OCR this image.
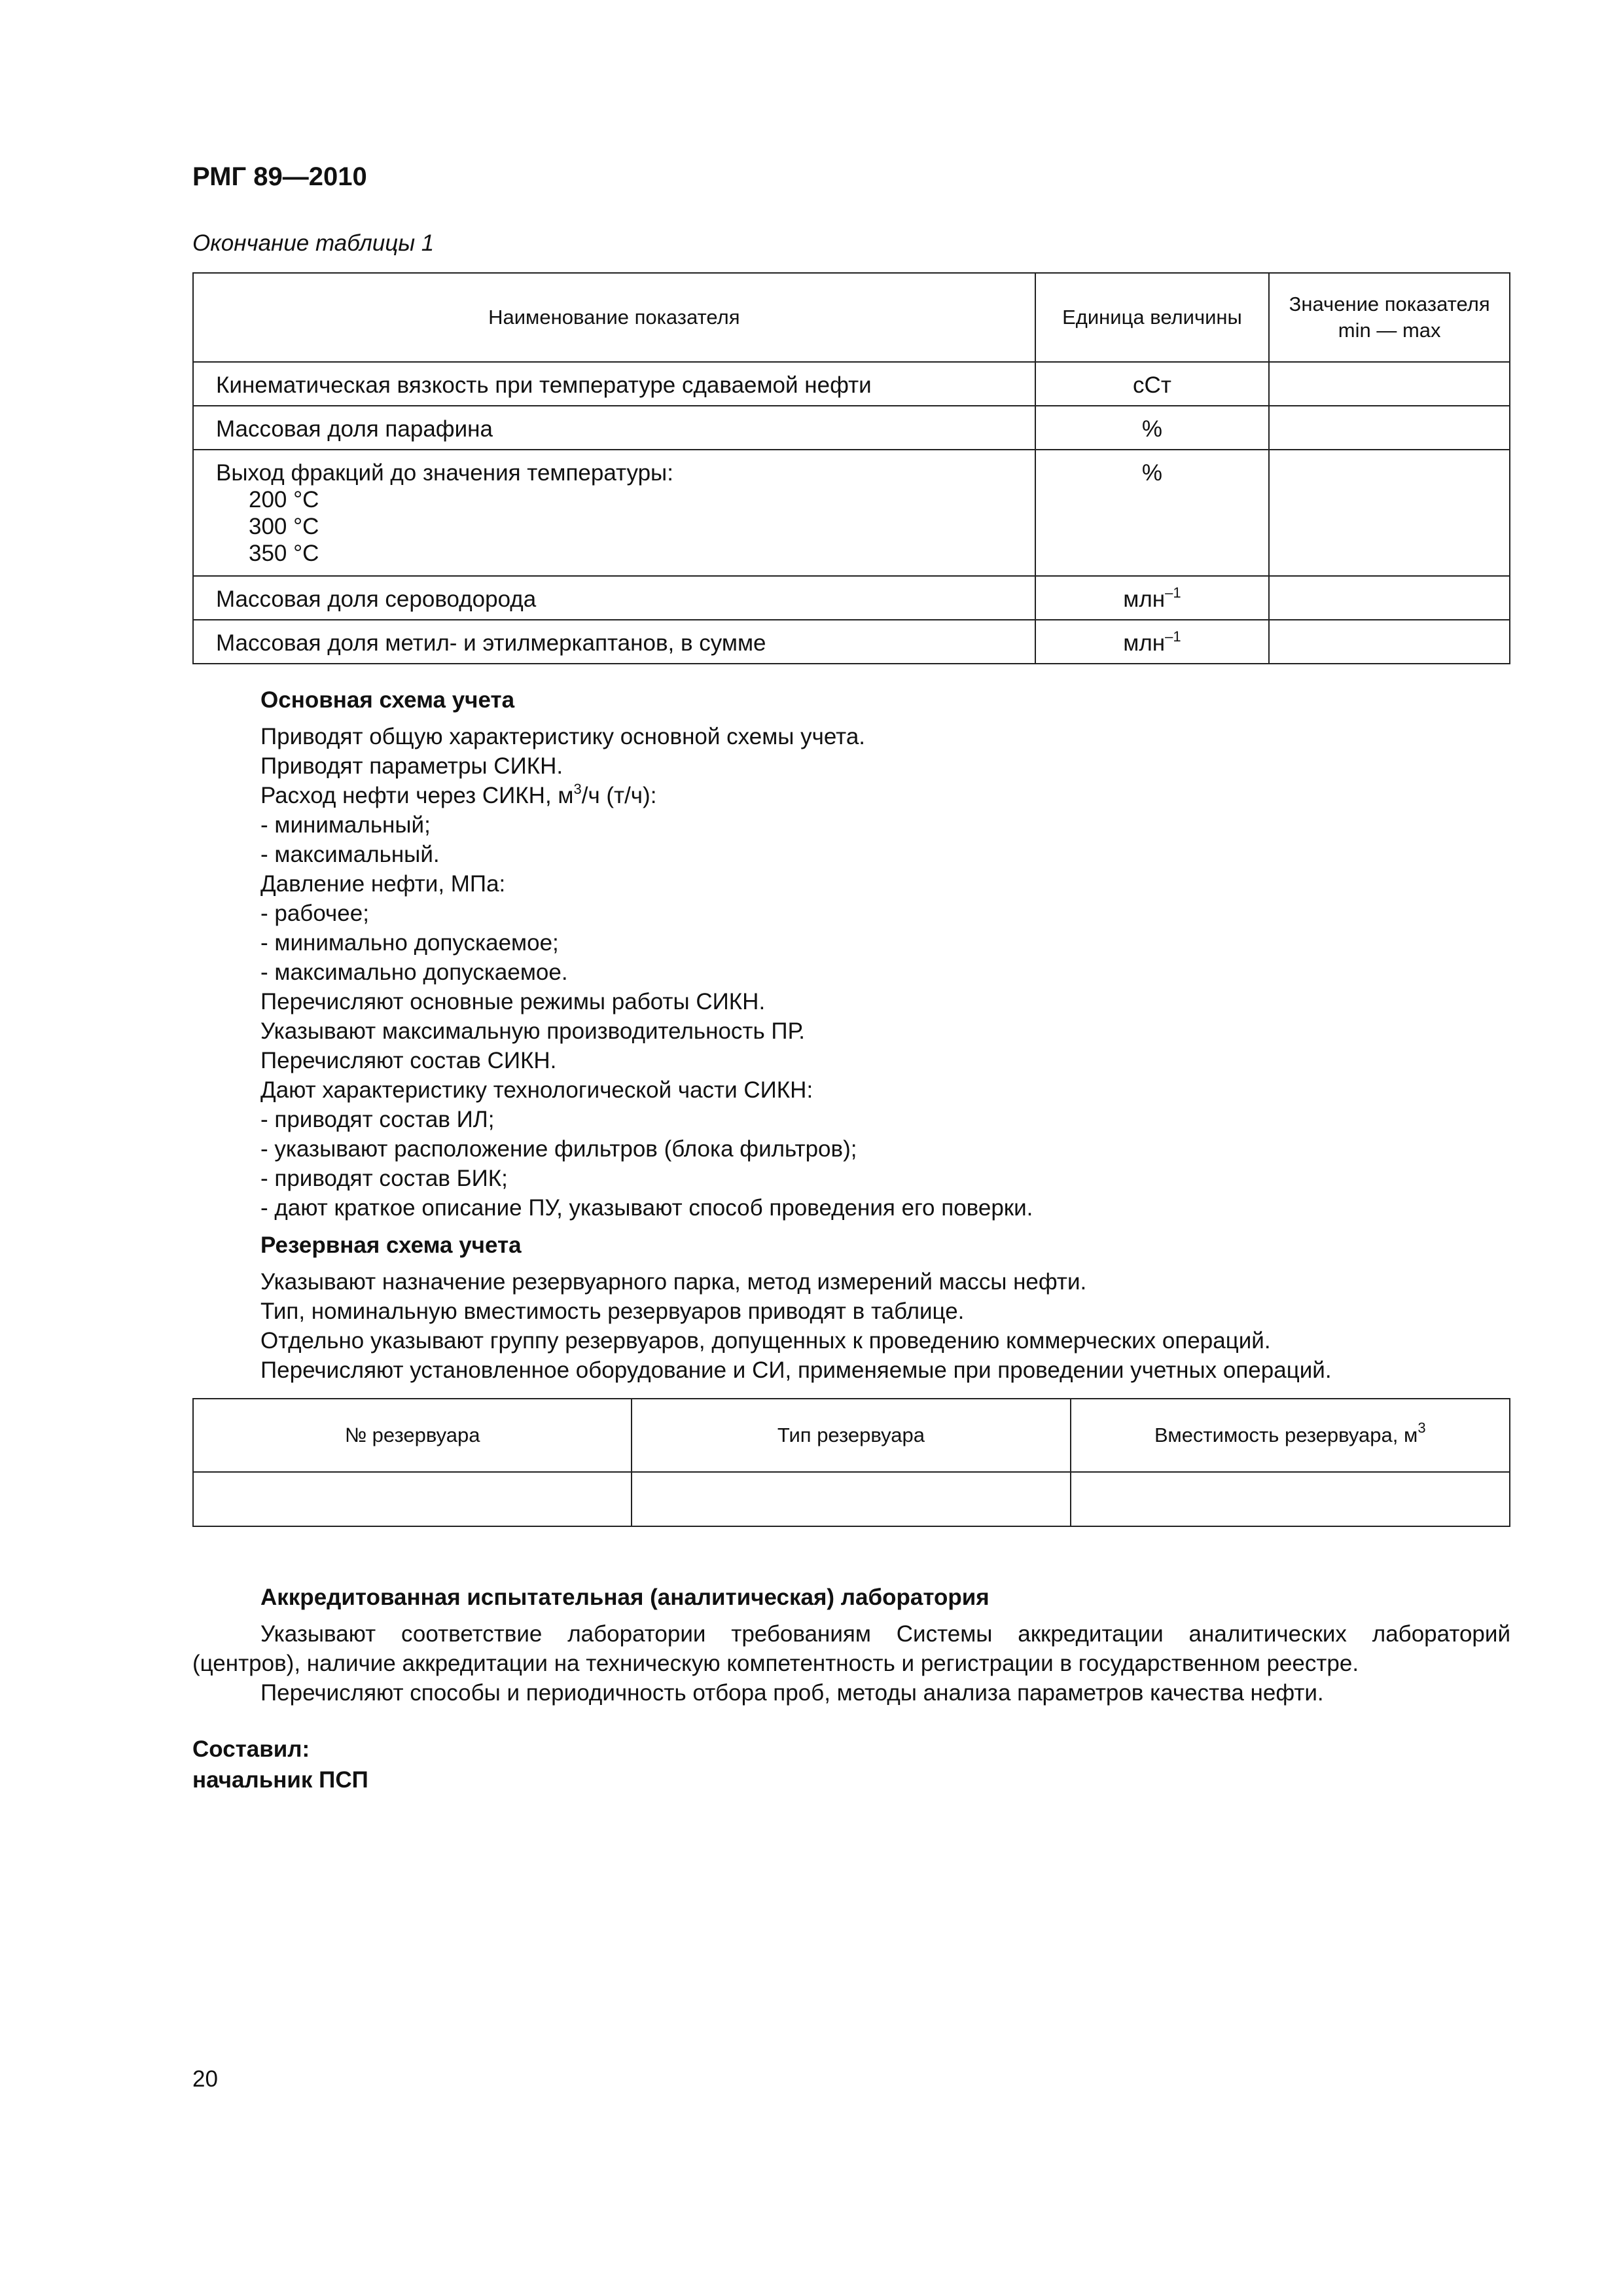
РМГ 89—2010
Окончание таблицы 1
Наименование показателя	Единица величины	Значение показателя
min — max

Кинематическая вязкость при температуре сдаваемой нефти	сСт	
Массовая доля парафина	%	

Выход фракций до значения температуры:
200 °С
300 °С
350 °С	%	
Массовая доля сероводорода	млн$^{-1}$	
Массовая доля метил- и этилмеркаптанов, в сумме	млн$^{-1}$	
Основная схема учета
Приводят общую характеристику основной схемы учета.
Приводят параметры СИКН.
Расход нефти через СИКН, $м^3/ч$ (т/ч):
- минимальный;
- максимальный.
Давление нефти, МПа:
- рабочее;
- минимально допускаемое;
- максимально допускаемое.
Перечисляют основные режимы работы СИКН.
Указывают максимальную производительность ПР.
Перечисляют состав СИКН.
Дают характеристику технологической части СИКН:
- приводят состав ИЛ;
- указывают расположение фильтров (блока фильтров);
- приводят состав БИК;
- дают краткое описание ПУ, указывают способ проведения его поверки.
Резервная схема учета
Указывают назначение резервуарного парка, метод измерений массы нефти.
Тип, номинальную вместимость резервуаров приводят в таблице.
Отдельно указывают группу резервуаров, допущенных к проведению коммерческих операций.
Перечисляют установленное оборудование и СИ, применяемые при проведении учетных операций.
№ резервуара	Тип резервуара	Вместимость резервуара, $м^3$

Аккредитованная испытательная (аналитическая) лаборатория
Указывают соответствие лаборатории требованиям Системы аккредитации аналитических лабораторий
(центров), наличие аккредитации на техническую компетентность и регистрации в государственном реестре.
Перечисляют способы и периодичность отбора проб, методы анализа параметров качества нефти.
Составил:
начальник ПСП
20
